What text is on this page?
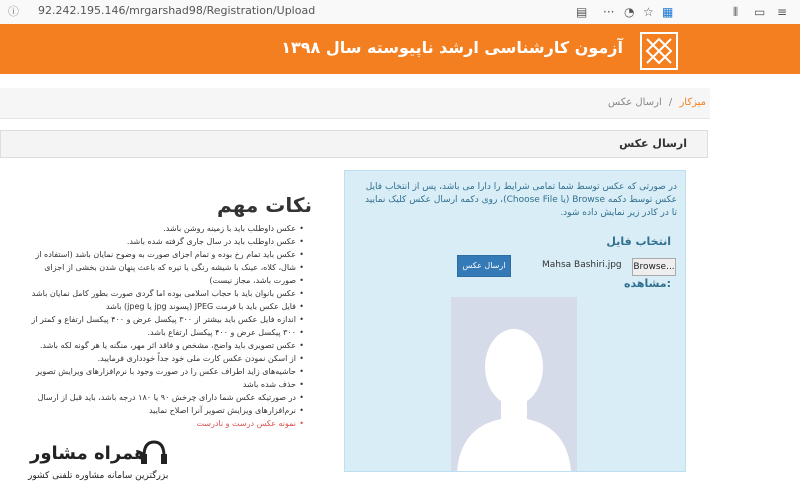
ⓘ 92.242.195.146/mrgarshad98/Registration/Upload	▤ ··· ◔ ☆ ▦	⫴ ▭ ≡
آزمون کارشناسی ارشد ناپیوسته سال ۱۳۹۸
میزکار / ارسال عکس
ارسال عکس
در صورتی که عکس توسط شما تمامی شرایط را دارا می باشد، پس از انتخاب فایل عکس توسط دکمه Browse (یا Choose File)، روی دکمه ارسال عکس کلیک نمایید تا در کادر زیر نمایش داده شود.
انتخاب فایل
Browse...
Mahsa Bashiri.jpg
ارسال عکس
مشاهده:
نکات مهم
• عکس داوطلب باید با زمینه روشن باشد.
• عکس داوطلب باید در سال جاری گرفته شده باشد.
• عکس باید تمام رخ بوده و تمام اجزای صورت به وضوح نمایان باشد (استفاده از
• شال، کلاه، عینک با شیشه رنگی یا تیره که باعث پنهان شدن بخشی از اجزای
• صورت باشد، مجاز نیست)
• عکس بانوان باید با حجاب اسلامی بوده اما گردی صورت بطور کامل نمایان باشد
• فایل عکس باید با فرمت JPEG (پسوند jpg یا jpeg) باشد
• اندازه فایل عکس باید بیشتر از ۳۰۰ پیکسل عرض و ۴۰۰ پیکسل ارتفاع و کمتر از
• ۳۰۰ پیکسل عرض و ۴۰۰ پیکسل ارتفاع باشد.
• عکس تصویری باید واضح، مشخص و فاقد اثر مهر، منگنه یا هر گونه لکه باشد.
• از اسکن نمودن عکس کارت ملی خود جداً خودداری فرمایید.
• حاشیه‌های زاید اطراف عکس را در صورت وجود با نرم‌افزارهای ویرایش تصویر
• حذف شده باشد
• در صورتیکه عکس شما دارای چرخش ۹۰ یا ۱۸۰ درجه باشد، باید قبل از ارسال
• نرم‌افزارهای ویرایش تصویر آنرا اصلاح نمایید
• نمونه عکس درست و نادرست
همراه مشاور
بزرگترین سامانه مشاوره تلفنی کشور
